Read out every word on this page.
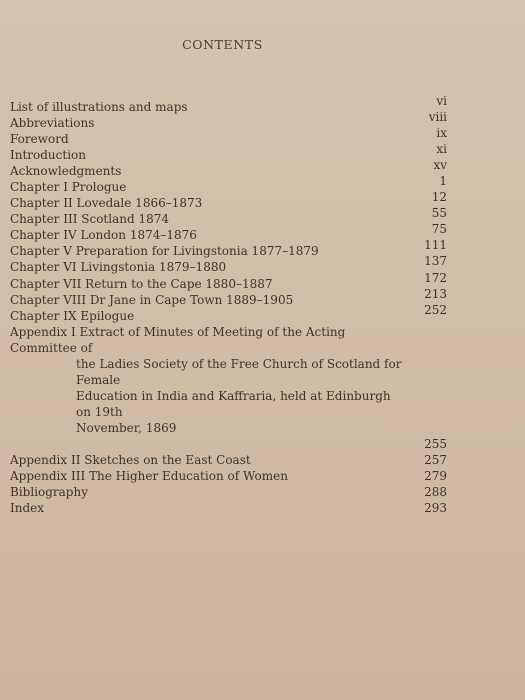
CONTENTS
List of illustrations and maps	vi
Abbreviations	viii
Foreword	ix
Introduction	xi
Acknowledgments	xv
Chapter I Prologue	1
Chapter II Lovedale 1866–1873	12
Chapter III Scotland 1874	55
Chapter IV London 1874–1876	75
Chapter V Preparation for Livingstonia 1877–1879	111
Chapter VI Livingstonia 1879–1880	137
Chapter VII Return to the Cape 1880–1887	172
Chapter VIII Dr Jane in Cape Town 1889–1905	213
Chapter IX Epilogue	252
Appendix I Extract of Minutes of Meeting of the Acting Committee of
the Ladies Society of the Free Church of Scotland for Female
Education in India and Kaffraria, held at Edinburgh on 19th
November, 1869

255
Appendix II Sketches on the East Coast	257
Appendix III The Higher Education of Women	279
Bibliography	288
Index	293
